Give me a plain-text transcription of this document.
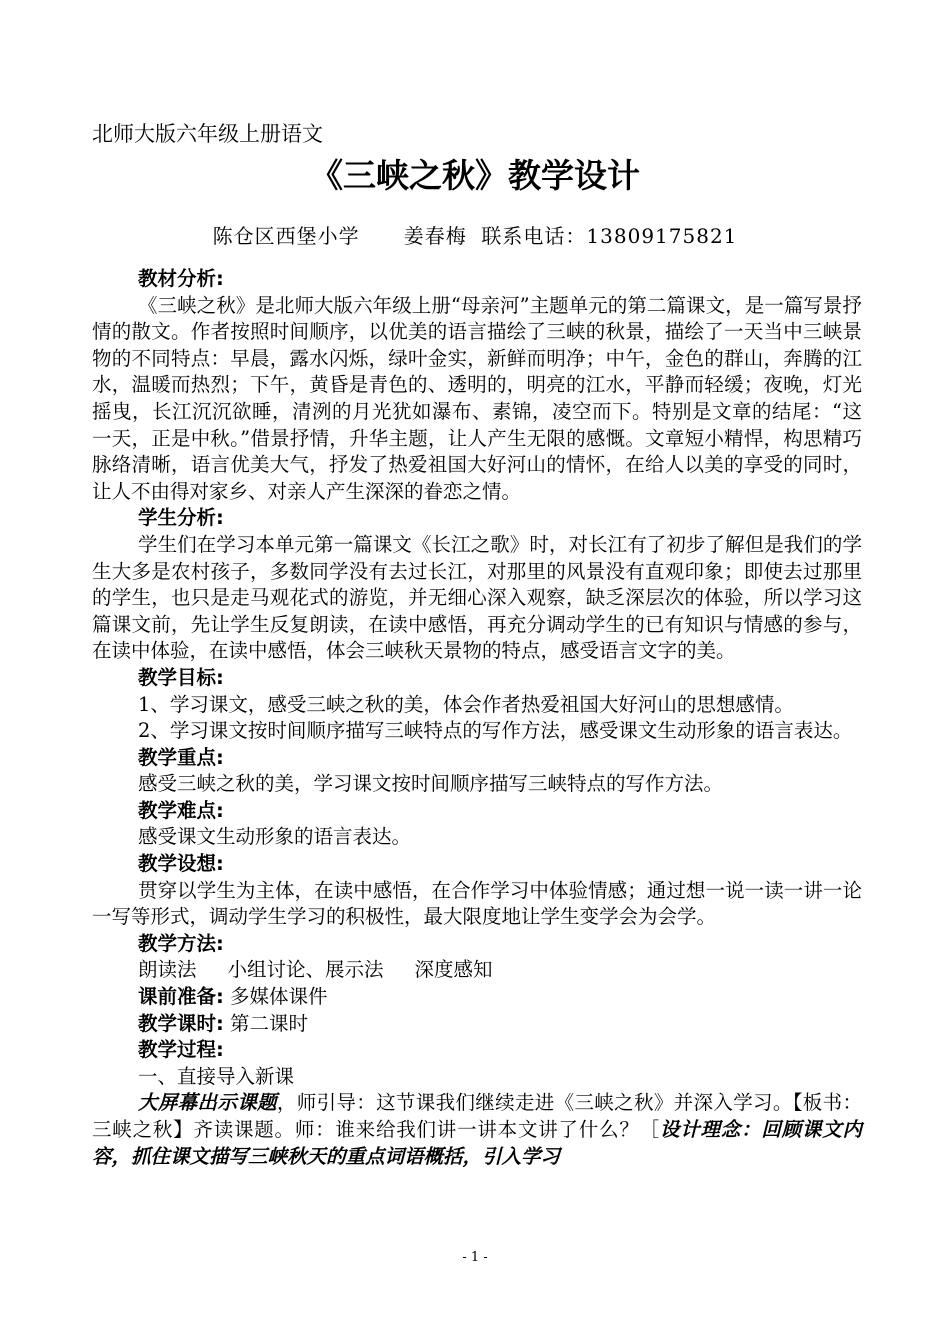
北师大版六年级上册语文
《三峡之秋》教学设计
陈仓区西堡小学      姜春梅  联系电话：13809175821
教材分析:
《三峡之秋》是北师大版六年级上册“母亲河”主题单元的第二篇课文，是一篇写景抒情的散文。作者按照时间顺序，以优美的语言描绘了三峡的秋景，描绘了一天当中三峡景物的不同特点：早晨，露水闪烁，绿叶金实，新鲜而明净；中午，金色的群山，奔腾的江水，温暖而热烈；下午，黄昏是青色的、透明的，明亮的江水，平静而轻缓；夜晚，灯光摇曳，长江沉沉欲睡，清洌的月光犹如瀑布、素锦，凌空而下。特别是文章的结尾：“这一天，正是中秋。”借景抒情，升华主题，让人产生无限的感慨。文章短小精悍，构思精巧脉络清晰，语言优美大气，抒发了热爱祖国大好河山的情怀，在给人以美的享受的同时，让人不由得对家乡、对亲人产生深深的眷恋之情。
学生分析:
学生们在学习本单元第一篇课文《长江之歌》时，对长江有了初步了解但是我们的学生大多是农村孩子，多数同学没有去过长江，对那里的风景没有直观印象；即使去过那里的学生，也只是走马观花式的游览，并无细心深入观察，缺乏深层次的体验，所以学习这篇课文前，先让学生反复朗读，在读中感悟，再充分调动学生的已有知识与情感的参与，在读中体验，在读中感悟，体会三峡秋天景物的特点，感受语言文字的美。
教学目标:
1、学习课文，感受三峡之秋的美，体会作者热爱祖国大好河山的思想感情。
2、学习课文按时间顺序描写三峡特点的写作方法，感受课文生动形象的语言表达。
教学重点:
感受三峡之秋的美，学习课文按时间顺序描写三峡特点的写作方法。
教学难点:
感受课文生动形象的语言表达。
教学设想:
贯穿以学生为主体，在读中感悟，在合作学习中体验情感；通过想一说一读一讲一论一写等形式，调动学生学习的积极性，最大限度地让学生变学会为会学。
教学方法:
朗读法     小组讨论、展示法     深度感知
课前准备: 多媒体课件
教学课时: 第二课时
教学过程:
一、直接导入新课
大屏幕出示课题，师引导：这节课我们继续走进《三峡之秋》并深入学习。【板书：三峡之秋】齐读课题。师：谁来给我们讲一讲本文讲了什么？［设计理念：回顾课文内容，抓住课文描写三峡秋天的重点词语概括，引入学习
- 1 -
